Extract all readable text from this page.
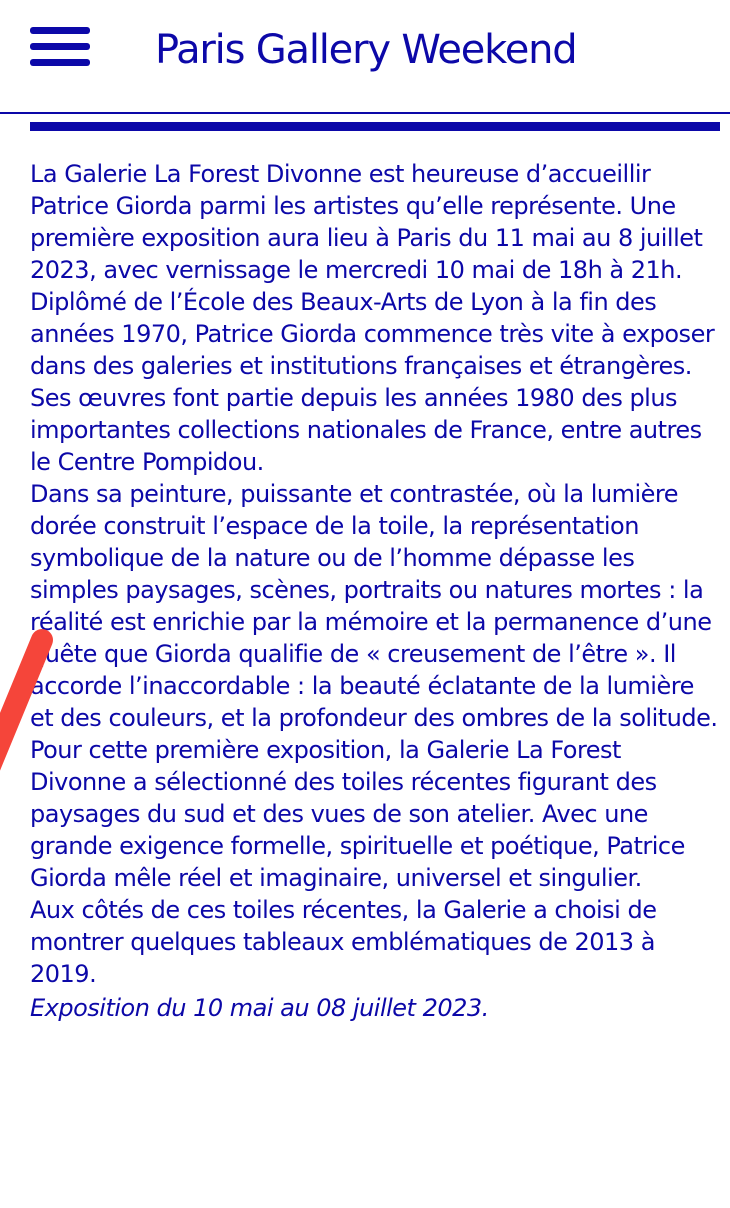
Paris Gallery Weekend

La Galerie La Forest Divonne est heureuse d’accueillir Patrice Giorda parmi les artistes qu’elle représente. Une première exposition aura lieu à Paris du 11 mai au 8 juillet 2023, avec vernissage le mercredi 10 mai de 18h à 21h.

Diplômé de l’École des Beaux-Arts de Lyon à la fin des années 1970, Patrice Giorda commence très vite à exposer dans des galeries et institutions françaises et étrangères. Ses œuvres font partie depuis les années 1980 des plus importantes collections nationales de France, entre autres le Centre Pompidou.

Dans sa peinture, puissante et contrastée, où la lumière dorée construit l’espace de la toile, la représentation symbolique de la nature ou de l’homme dépasse les simples paysages, scènes, portraits ou natures mortes : la réalité est enrichie par la mémoire et la permanence d’une quête que Giorda qualifie de « creusement de l’être ». Il accorde l’inaccordable : la beauté éclatante de la lumière et des couleurs, et la profondeur des ombres de la solitude.

Pour cette première exposition, la Galerie La Forest Divonne a sélectionné des toiles récentes figurant des paysages du sud et des vues de son atelier. Avec une grande exigence formelle, spirituelle et poétique, Patrice Giorda mêle réel et imaginaire, universel et singulier.

Aux côtés de ces toiles récentes, la Galerie a choisi de montrer quelques tableaux emblématiques de 2013 à 2019.

Exposition du 10 mai au 08 juillet 2023.
